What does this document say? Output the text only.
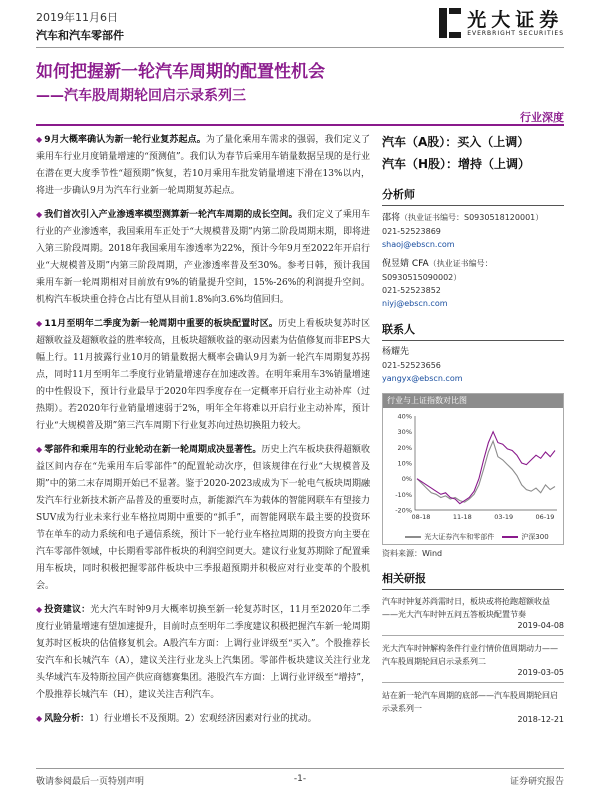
2019年11月6日
汽车和汽车零部件
光大证券
EVERBRIGHT SECURITIES
如何把握新一轮汽车周期的配置性机会
——汽车股周期轮回启示录系列三
行业深度

◆ 9月大概率确认为新一轮行业复苏起点。为了量化乘用车需求的强弱，我们定义了乘用车行业月度销量增速的“预测值”。我们认为春节后乘用车销量数据呈现的是行业在潜在更大度季节性“超预期”恢复，若10月乘用车批发销量增速下滑在13%以内，将进一步确认9月为汽车行业新一轮周期复苏起点。

◆ 我们首次引入产业渗透率模型测算新一轮汽车周期的成长空间。我们定义了乘用车行业的产业渗透率，我国乘用车正处于“大规模普及期”内第二阶段周期末期，即将进入第三阶段周期。2018年我国乘用车渗透率为22%，预计今年9月至2022年开启行业“大规模普及期”内第三阶段周期，产业渗透率普及至30%。参考日韩，预计我国乘用车新一轮周期相对目前放有9%的销量提升空间，15%-26%的利润提升空间。机构汽车板块重仓持仓占比有望从目前1.8%向3.6%均值回归。

◆ 11月至明年二季度为新一轮周期中重要的板块配置时区。历史上看板块复苏时区超额收益及超额收益的胜率较高，且板块超额收益的驱动因素为估值修复而非EPS大幅上行。11月披露行业10月的销量数据大概率会确认9月为新一轮汽车周期复苏拐点，同时11月至明年二季度行业销量增速存在加速改善。在明年乘用车3%销量增速的中性假设下，预计行业最早于2020年四季度存在一定概率开启行业主动补库（过热期）。若2020年行业销量增速弱于2%，明年全年将难以开启行业主动补库，预计行业“大规模普及期”第三汽车周期下行业复苏向过热切换阻力较大。

◆ 零部件和乘用车的行业轮动在新一轮周期成决显著性。历史上汽车板块获得超额收益区间内存在“先乘用车后零部件”的配置轮动次序，但该规律在行业“大规模普及期”中的第二末存周期开始已不显著。鉴于2020-2023成成为下一轮电气板块周期融发汽车行业新技术新产品普及的重要时点，新能源汽车为载体的智能网联车有望接力SUV成为行业未来行业车格拉周期中重要的“抓手”，而智能网联车最主要的投资环节在单车的动力系统和电子通信系统，预计下一轮行业车格拉周期的投资方向主要在汽车零部件领域，中长期看零部件板块的利润空间更大。建议行业复苏期除了配置乘用车板块，同时积极把握零部件板块中三季报超预期并积极应对行业变革的个股机会。

◆ 投资建议：光大汽车时钟9月大概率切换至新一轮复苏时区，11月至2020年二季度行业销量增速有望加速提升，目前时点至明年二季度建议积极把握汽车新一轮周期复苏时区板块的估值修复机会。A股汽车方面：上调行业评级至“买入”。个股推荐长安汽车和长城汽车（A），建议关注行业龙头上汽集团。零部件板块建议关注行业龙头华域汽车及特斯拉国产供应商德赛集团。港股汽车方面：上调行业评级至“增持”，个股推荐长城汽车（H），建议关注吉利汽车。

◆ 风险分析：1）行业增长不及预期。2）宏观经济因素对行业的扰动。

汽车（A股）：买入（上调）
汽车（H股）：增持（上调）
分析师
邵将（执业证书编号：S0930518120001）
021-52523869
shaoj@ebscn.com
倪昱婧 CFA（执业证书编号：S0930515090002）
021-52523852
niyj@ebscn.com
联系人
杨耀先
021-52523656
yangyx@ebscn.com
行业与上证指数对比图
40%
30%
20%
10%
0%
-10%
-20%
08-18	11-18	03-19	06-19
光大证券汽车和零部件	沪深300
资料来源：Wind
相关研报
汽车时钟复苏尚需时日，板块或将抢跑超额收益——光大汽车时钟五问五答板块配置节奏
2019-04-08
光大汽车时钟解构条件行业行情价值周期动力——汽车股周期轮回启示录系列二
2019-03-05
站在新一轮汽车周期的底部——汽车股周期轮回启示录系列一
2018-12-21
敬请参阅最后一页特别声明	-1-	证券研究报告
